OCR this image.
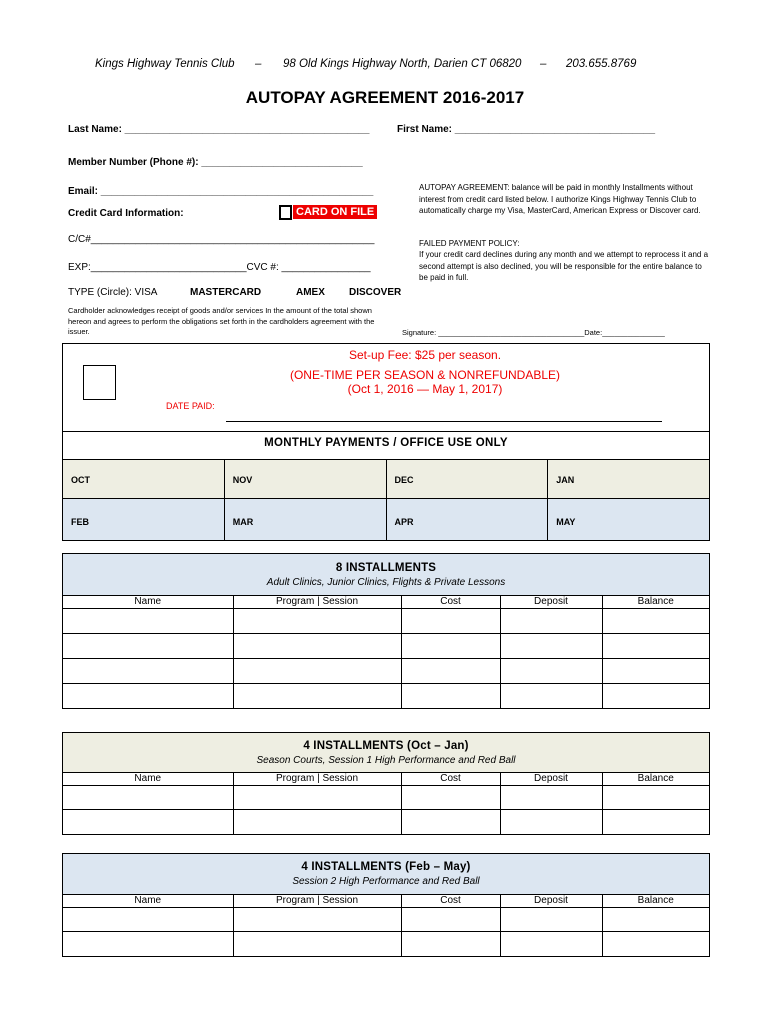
Kings Highway Tennis Club – 98 Old Kings Highway North, Darien CT 06820 – 203.655.8769
AUTOPAY AGREEMENT 2016-2017
Last Name: ____________________________________________	First Name: ____________________________________
Member Number (Phone #): _____________________________
Email: _________________________________________________
Credit Card Information:	CARD ON FILE
C/C#___________________________________________________
EXP:____________________________CVC #: ________________
TYPE (Circle): VISA	MASTERCARD	AMEX DISCOVER
AUTOPAY AGREEMENT: balance will be paid in monthly Installments without interest from credit card listed below. I authorize Kings Highway Tennis Club to automatically charge my Visa, MasterCard, American Express or Discover card.
FAILED PAYMENT POLICY:
If your credit card declines during any month and we attempt to reprocess it and a second attempt is also declined, you will be responsible for the entire balance to be paid in full.
Cardholder acknowledges receipt of goods and/or services In the amount of the total shown hereon and agrees to perform the obligations set forth in the cardholders agreement with the issuer.	Signature: ___________________________________Date:_______________
Set-up Fee: $25 per season.
(ONE-TIME PER SEASON & NONREFUNDABLE)
(Oct 1, 2016 — May 1, 2017)
DATE PAID:
MONTHLY PAYMENTS / OFFICE USE ONLY
OCT	NOV	DEC	JAN
FEB	MAR	APR	MAY
8 INSTALLMENTS
Adult Clinics, Junior Clinics, Flights & Private Lessons
Name	Program | Session	Cost	Deposit	Balance

4 INSTALLMENTS (Oct – Jan)
Season Courts, Session 1 High Performance and Red Ball
Name	Program | Session	Cost	Deposit	Balance

4 INSTALLMENTS (Feb – May)
Session 2 High Performance and Red Ball
Name	Program | Session	Cost	Deposit	Balance
